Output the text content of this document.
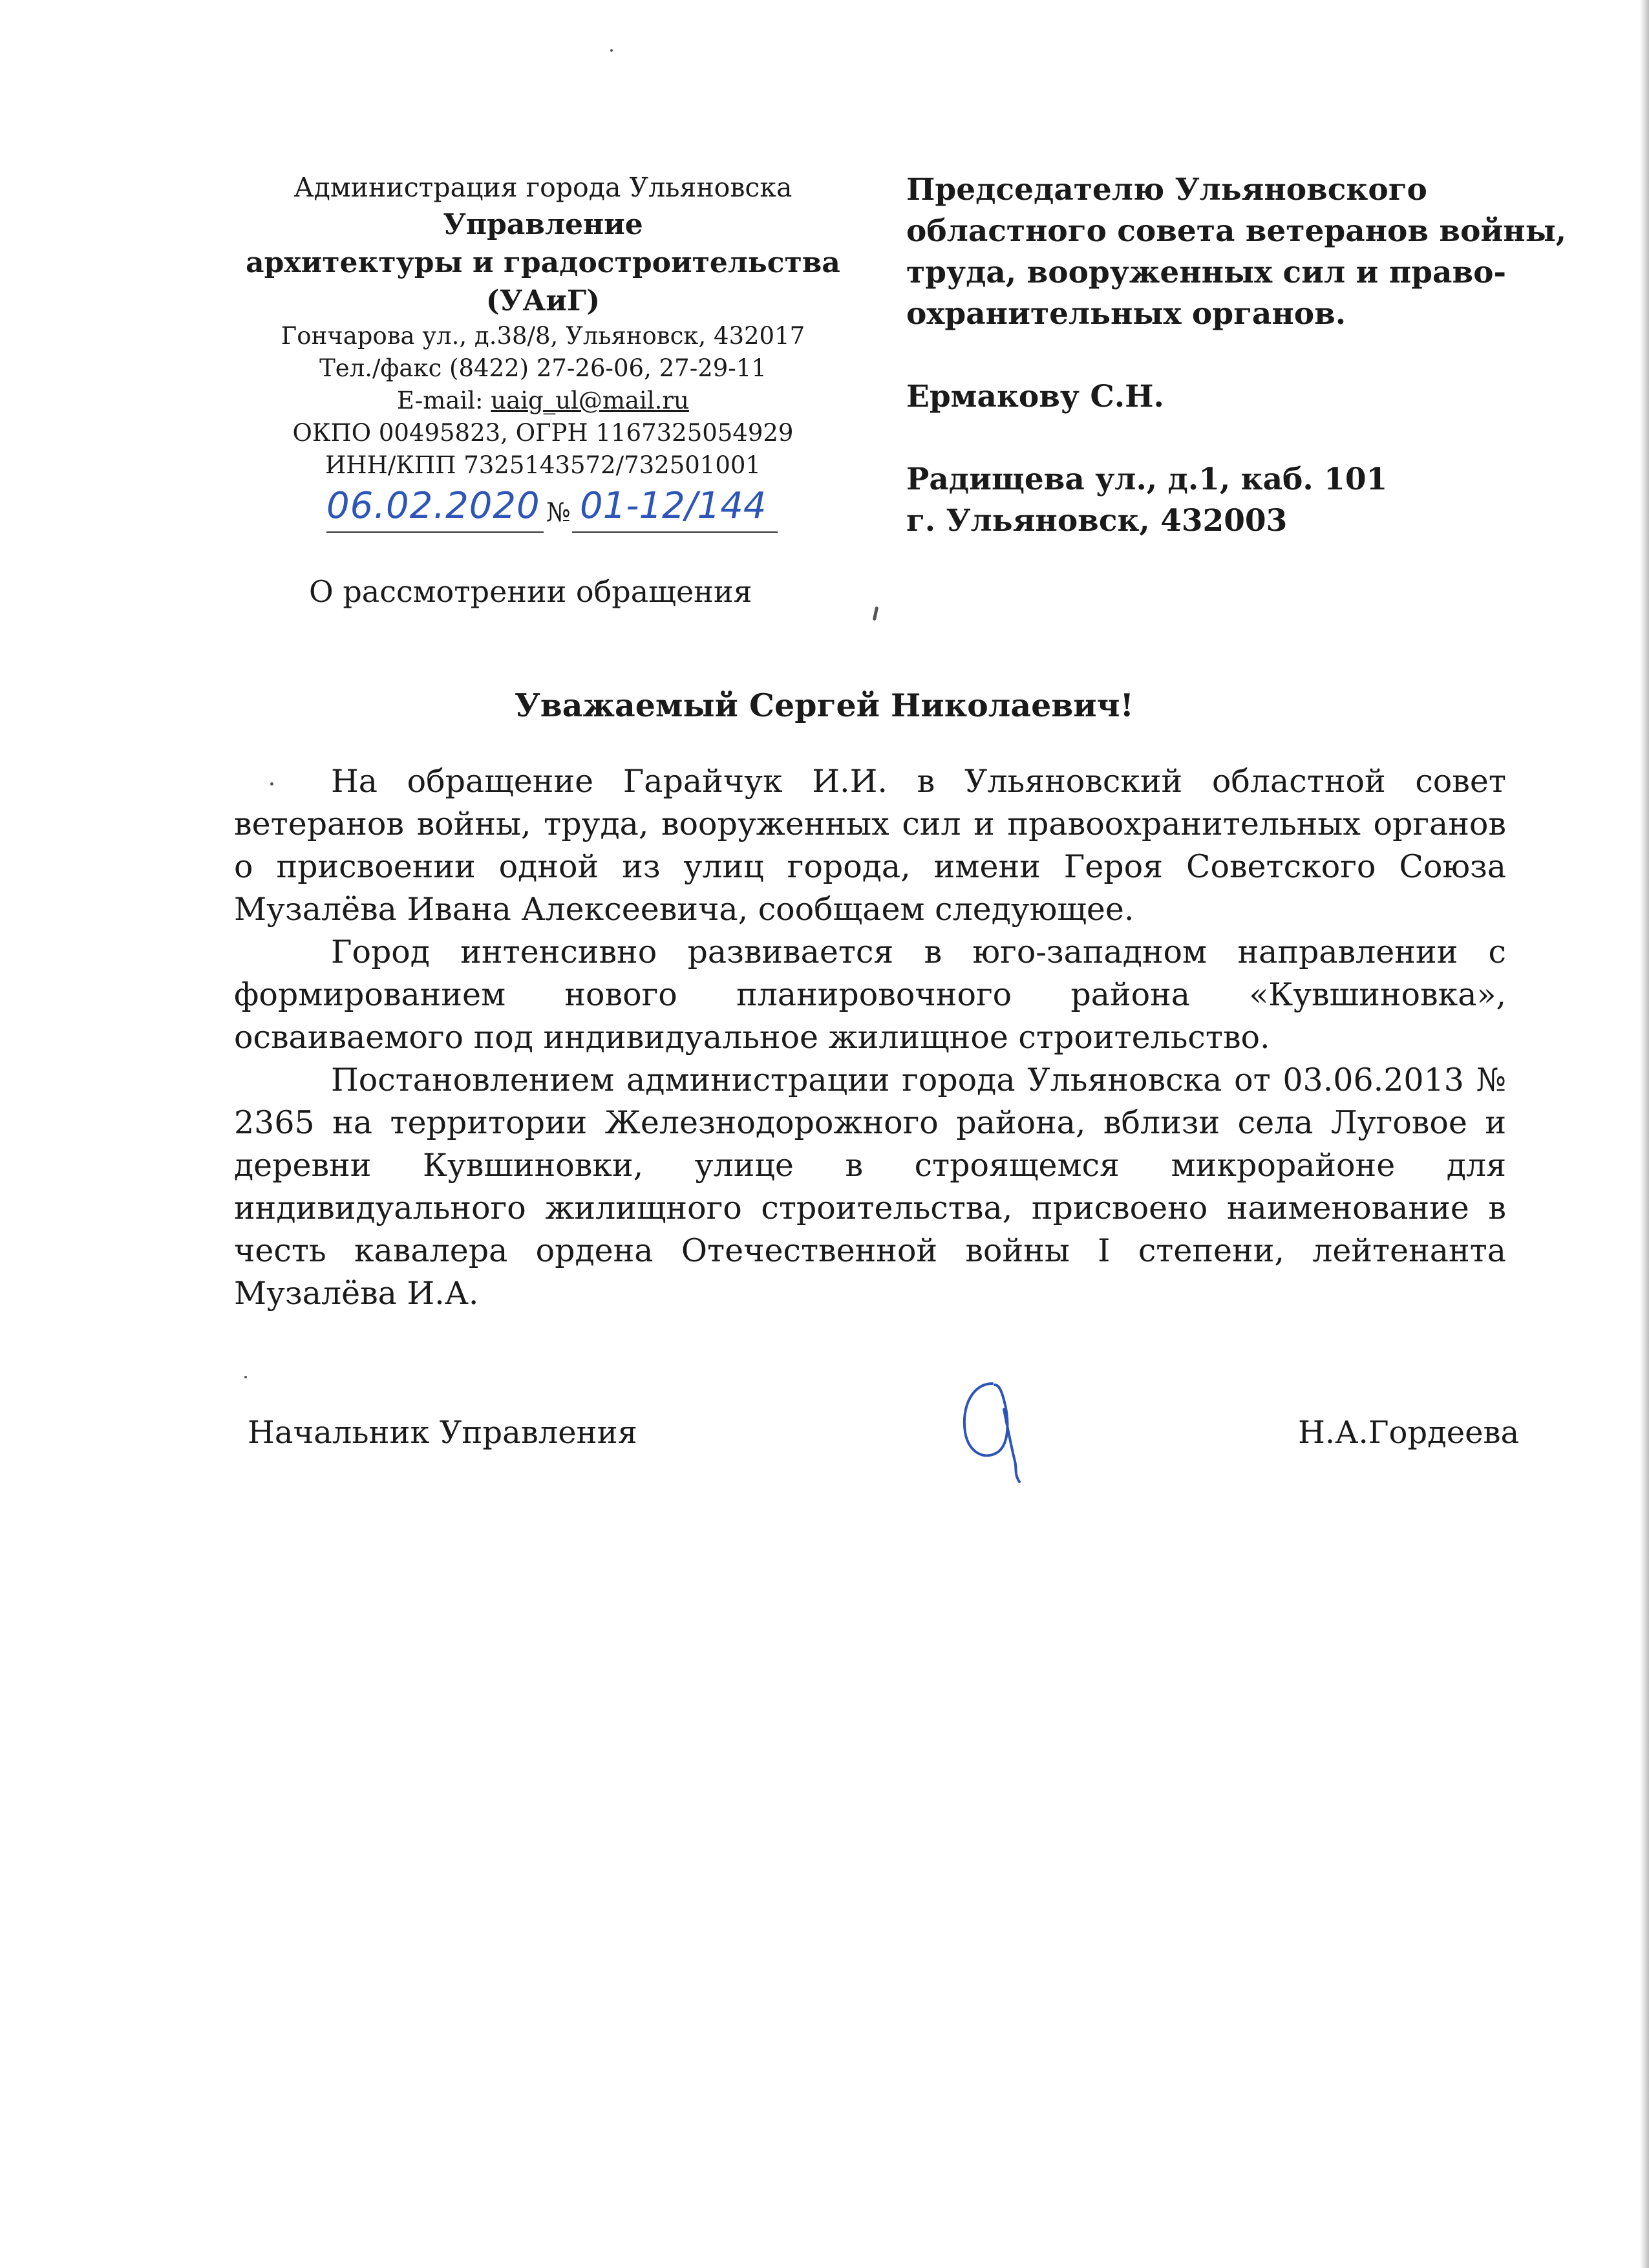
Администрация города Ульяновска
Управление
архитектуры и градостроительства
(УАиГ)
Гончарова ул., д.38/8, Ульяновск, 432017
Тел./факс (8422) 27-26-06, 27-29-11
E-mail: uaig_ul@mail.ru
ОКПО 00495823, ОГРН 1167325054929
ИНН/КПП 7325143572/732501001
06.02.2020 № 01-12/144
О рассмотрении обращения
Председателю Ульяновского
областного совета ветеранов войны,
труда, вооруженных сил и право-
охранительных органов.
Ермакову С.Н.
Радищева ул., д.1, каб. 101
г. Ульяновск, 432003
Уважаемый Сергей Николаевич!

На обращение Гарайчук И.И. в Ульяновский областной совет ветеранов войны, труда, вооруженных сил и правоохранительных органов о присвоении одной из улиц города, имени Героя Советского Союза Музалёва Ивана Алексеевича, сообщаем следующее.

Город интенсивно развивается в юго-западном направлении с формированием нового планировочного района «Кувшиновка», осваиваемого под индивидуальное жилищное строительство.

Постановлением администрации города Ульяновска от 03.06.2013 № 2365 на территории Железнодорожного района, вблизи села Луговое и деревни Кувшиновки, улице в строящемся микрорайоне для индивидуального жилищного строительства, присвоено наименование в честь кавалера ордена Отечественной войны I степени, лейтенанта Музалёва И.А.

Начальник Управления	Н.А.Гордеева
